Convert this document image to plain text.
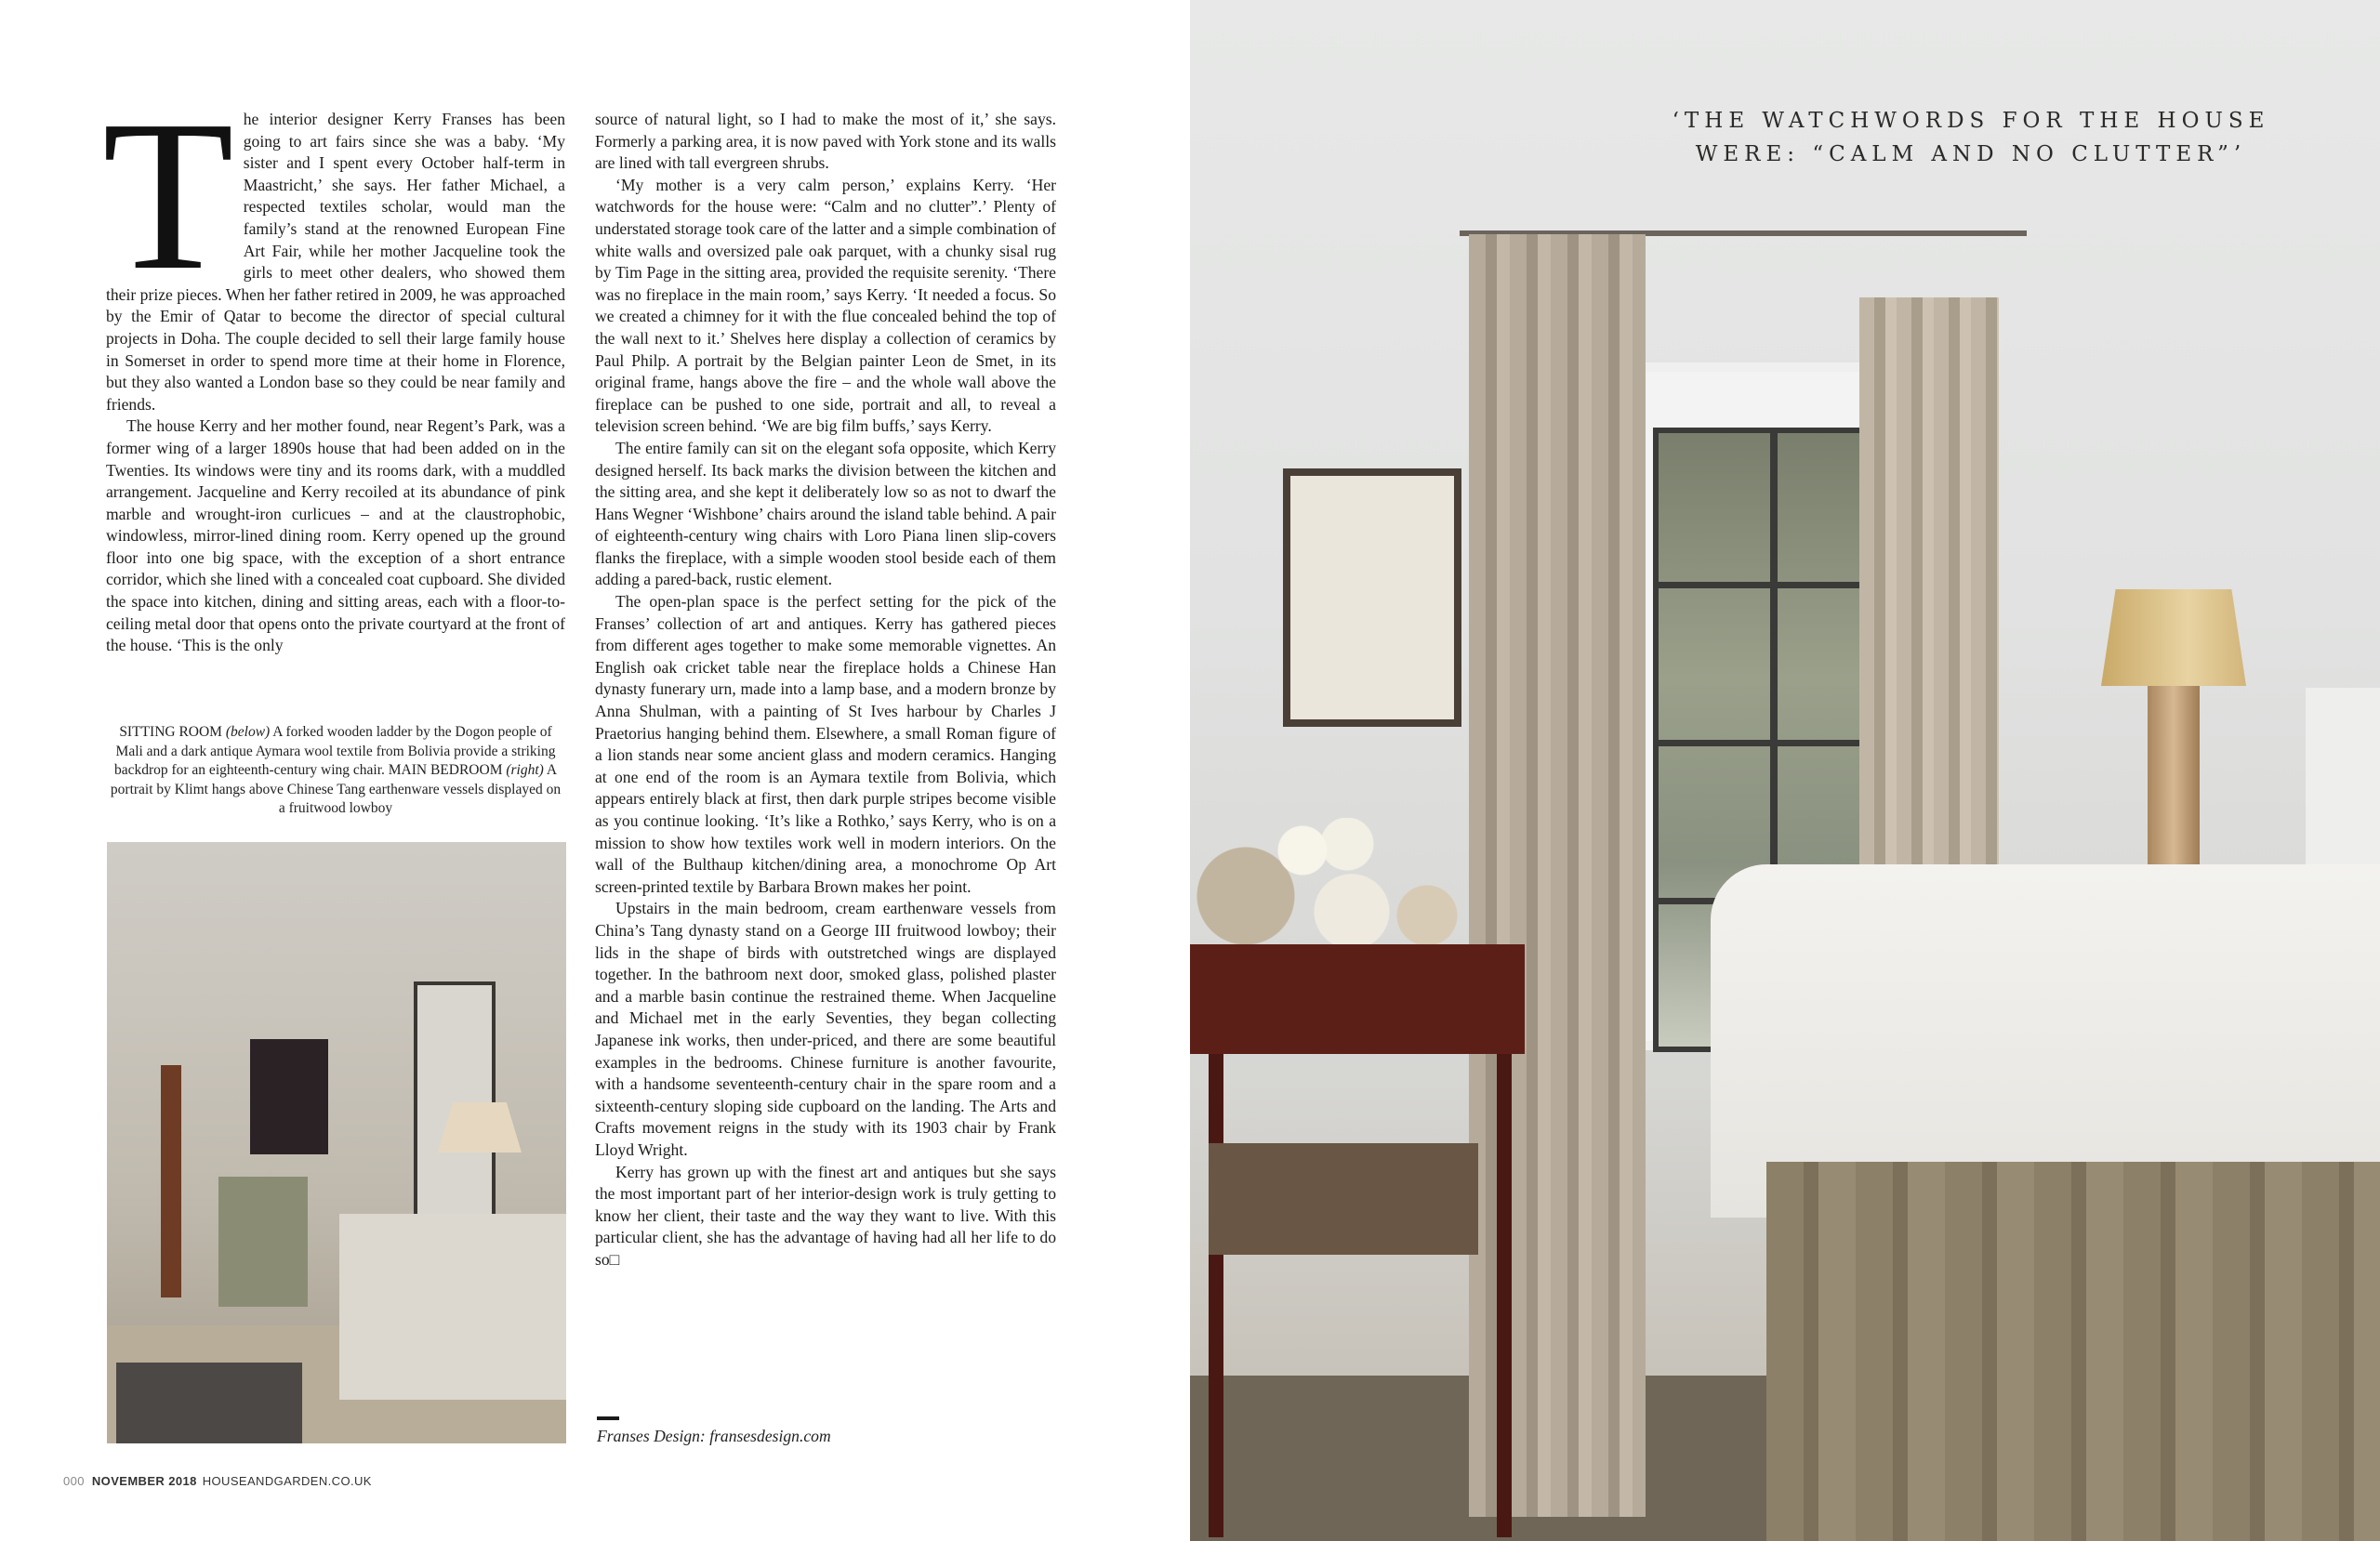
The interior designer Kerry Franses has been going to art fairs since she was a baby. ‘My sister and I spent every October half-term in Maastricht,’ she says. Her father Michael, a respected textiles scholar, would man the family’s stand at the renowned European Fine Art Fair, while her mother Jacqueline took the girls to meet other dealers, who showed them their prize pieces. When her father retired in 2009, he was approached by the Emir of Qatar to become the director of special cultural projects in Doha. The couple decided to sell their large family house in Somerset in order to spend more time at their home in Florence, but they also wanted a London base so they could be near family and friends.

The house Kerry and her mother found, near Regent’s Park, was a former wing of a larger 1890s house that had been added on in the Twenties. Its windows were tiny and its rooms dark, with a muddled arrangement. Jacqueline and Kerry recoiled at its abundance of pink marble and wrought-iron curlicues – and at the claustrophobic, windowless, mirror-lined dining room. Kerry opened up the ground floor into one big space, with the exception of a short entrance corridor, which she lined with a concealed coat cupboard. She divided the space into kitchen, dining and sitting areas, each with a floor-to-ceiling metal door that opens onto the private courtyard at the front of the house. ‘This is the only

SITTING ROOM (below) A forked wooden ladder by the Dogon people of Mali and a dark antique Aymara wool textile from Bolivia provide a striking backdrop for an eighteenth-century wing chair. MAIN BEDROOM (right) A portrait by Klimt hangs above Chinese Tang earthenware vessels displayed on a fruitwood lowboy

source of natural light, so I had to make the most of it,’ she says. Formerly a parking area, it is now paved with York stone and its walls are lined with tall evergreen shrubs.

‘My mother is a very calm person,’ explains Kerry. ‘Her watchwords for the house were: “Calm and no clutter”.’ Plenty of understated storage took care of the latter and a simple combination of white walls and oversized pale oak parquet, with a chunky sisal rug by Tim Page in the sitting area, provided the requisite serenity. ‘There was no fireplace in the main room,’ says Kerry. ‘It needed a focus. So we created a chimney for it with the flue concealed behind the top of the wall next to it.’ Shelves here display a collection of ceramics by Paul Philp. A portrait by the Belgian painter Leon de Smet, in its original frame, hangs above the fire – and the whole wall above the fireplace can be pushed to one side, portrait and all, to reveal a television screen behind. ‘We are big film buffs,’ says Kerry.

The entire family can sit on the elegant sofa opposite, which Kerry designed herself. Its back marks the division between the kitchen and the sitting area, and she kept it deliberately low so as not to dwarf the Hans Wegner ‘Wishbone’ chairs around the island table behind. A pair of eighteenth-century wing chairs with Loro Piana linen slip-covers flanks the fireplace, with a simple wooden stool beside each of them adding a pared-back, rustic element.

The open-plan space is the perfect setting for the pick of the Franses’ collection of art and antiques. Kerry has gathered pieces from different ages together to make some memorable vignettes. An English oak cricket table near the fireplace holds a Chinese Han dynasty funerary urn, made into a lamp base, and a modern bronze by Anna Shulman, with a painting of St Ives harbour by Charles J Praetorius hanging behind them. Elsewhere, a small Roman figure of a lion stands near some ancient glass and modern ceramics. Hanging at one end of the room is an Aymara textile from Bolivia, which appears entirely black at first, then dark purple stripes become visible as you continue looking. ‘It’s like a Rothko,’ says Kerry, who is on a mission to show how textiles work well in modern interiors. On the wall of the Bulthaup kitchen/dining area, a monochrome Op Art screen-printed textile by Barbara Brown makes her point.

Upstairs in the main bedroom, cream earthenware vessels from China’s Tang dynasty stand on a George III fruitwood lowboy; their lids in the shape of birds with outstretched wings are displayed together. In the bathroom next door, smoked glass, polished plaster and a marble basin continue the restrained theme. When Jacqueline and Michael met in the early Seventies, they began collecting Japanese ink works, then under-priced, and there are some beautiful examples in the bedrooms. Chinese furniture is another favourite, with a handsome seventeenth-century chair in the spare room and a sixteenth-century sloping side cupboard on the landing. The Arts and Crafts movement reigns in the study with its 1903 chair by Frank Lloyd Wright.

Kerry has grown up with the finest art and antiques but she says the most important part of her interior-design work is truly getting to know her client, their taste and the way they want to live. With this particular client, she has the advantage of having had all her life to do so□

Franses Design: fransesdesign.com
000 NOVEMBER 2018 HOUSEANDGARDEN.CO.UK
‘THE WATCHWORDS FOR THE HOUSE
WERE: “CALM AND NO CLUTTER”’
